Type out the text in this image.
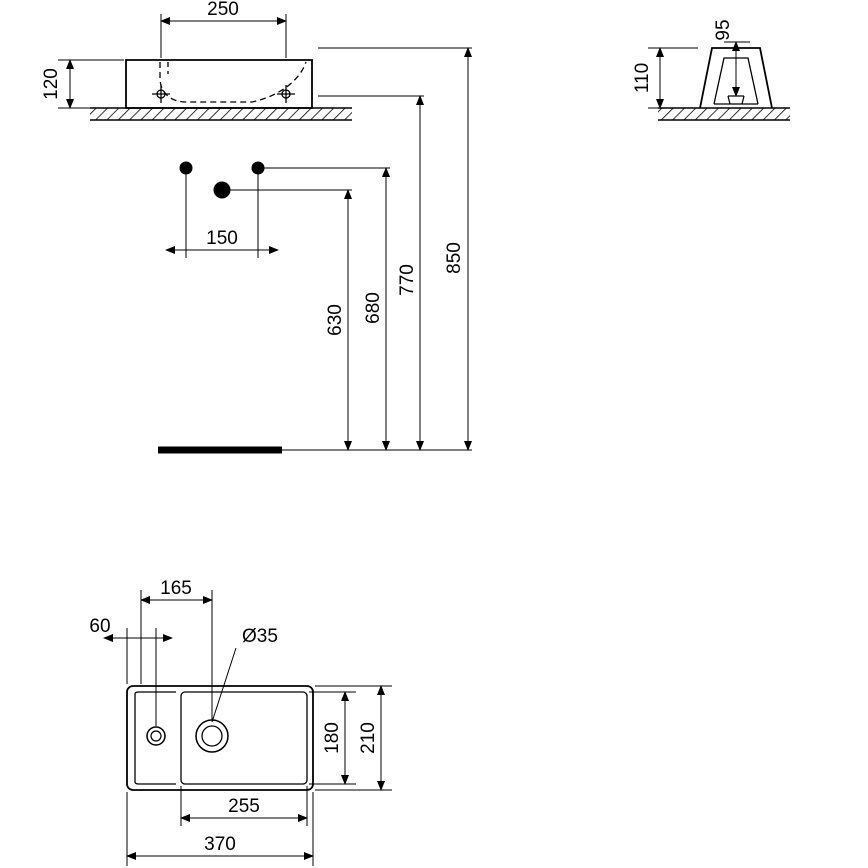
250
120
150
630 680
770
850
95
110
Ø35
165
60
180 210
255
370
